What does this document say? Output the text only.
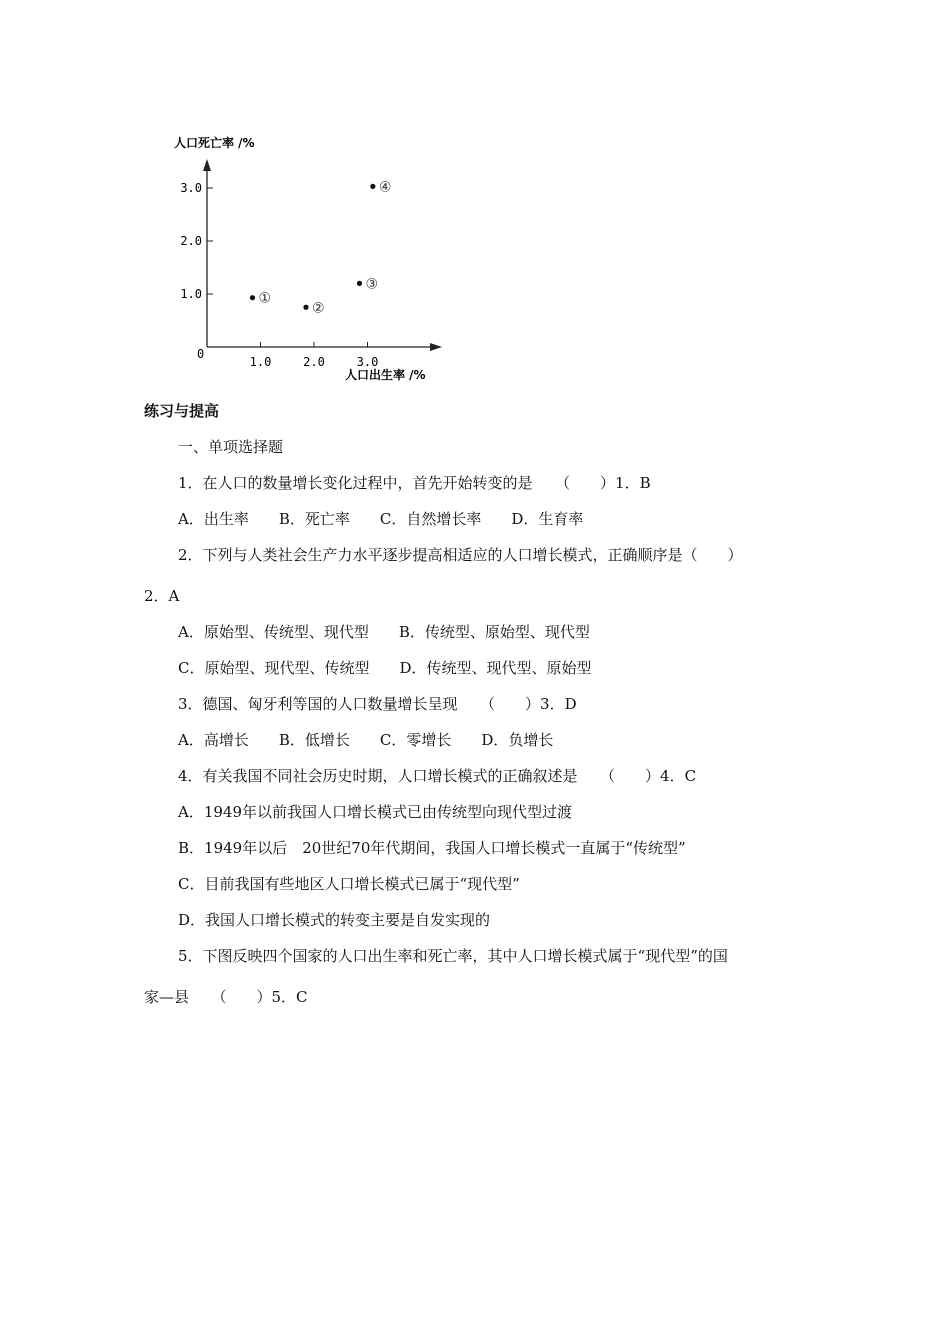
人口死亡率 /%
人口出生率 /%
0
1.0	2.0	3.0
1.0
2.0
3.0
①
②
③
④
练习与提高
一、单项选择题
1．在人口的数量增长变化过程中，首先开始转变的是　　（　　）1．B
A．出生率　　B．死亡率　　C．自然增长率　　D．生育率
2．下列与人类社会生产力水平逐步提高相适应的人口增长模式，正确顺序是（　　）
2．A
A．原始型、传统型、现代型　　B．传统型、原始型、现代型
C．原始型、现代型、传统型　　D．传统型、现代型、原始型
3．德国、匈牙利等国的人口数量增长呈现　　（　　）3．D
A．高增长　　B．低增长　　C．零增长　　D．负增长
4．有关我国不同社会历史时期，人口增长模式的正确叙述是　　（　　）4．C
A．1949年以前我国人口增长模式已由传统型向现代型过渡
B．1949年以后　20世纪70年代期间，我国人口增长模式一直属于“传统型”
C．目前我国有些地区人口增长模式已属于“现代型”
D．我国人口增长模式的转变主要是自发实现的
5．下图反映四个国家的人口出生率和死亡率，其中人口增长模式属于“现代型”的国
家—县　　（　　）5．C
